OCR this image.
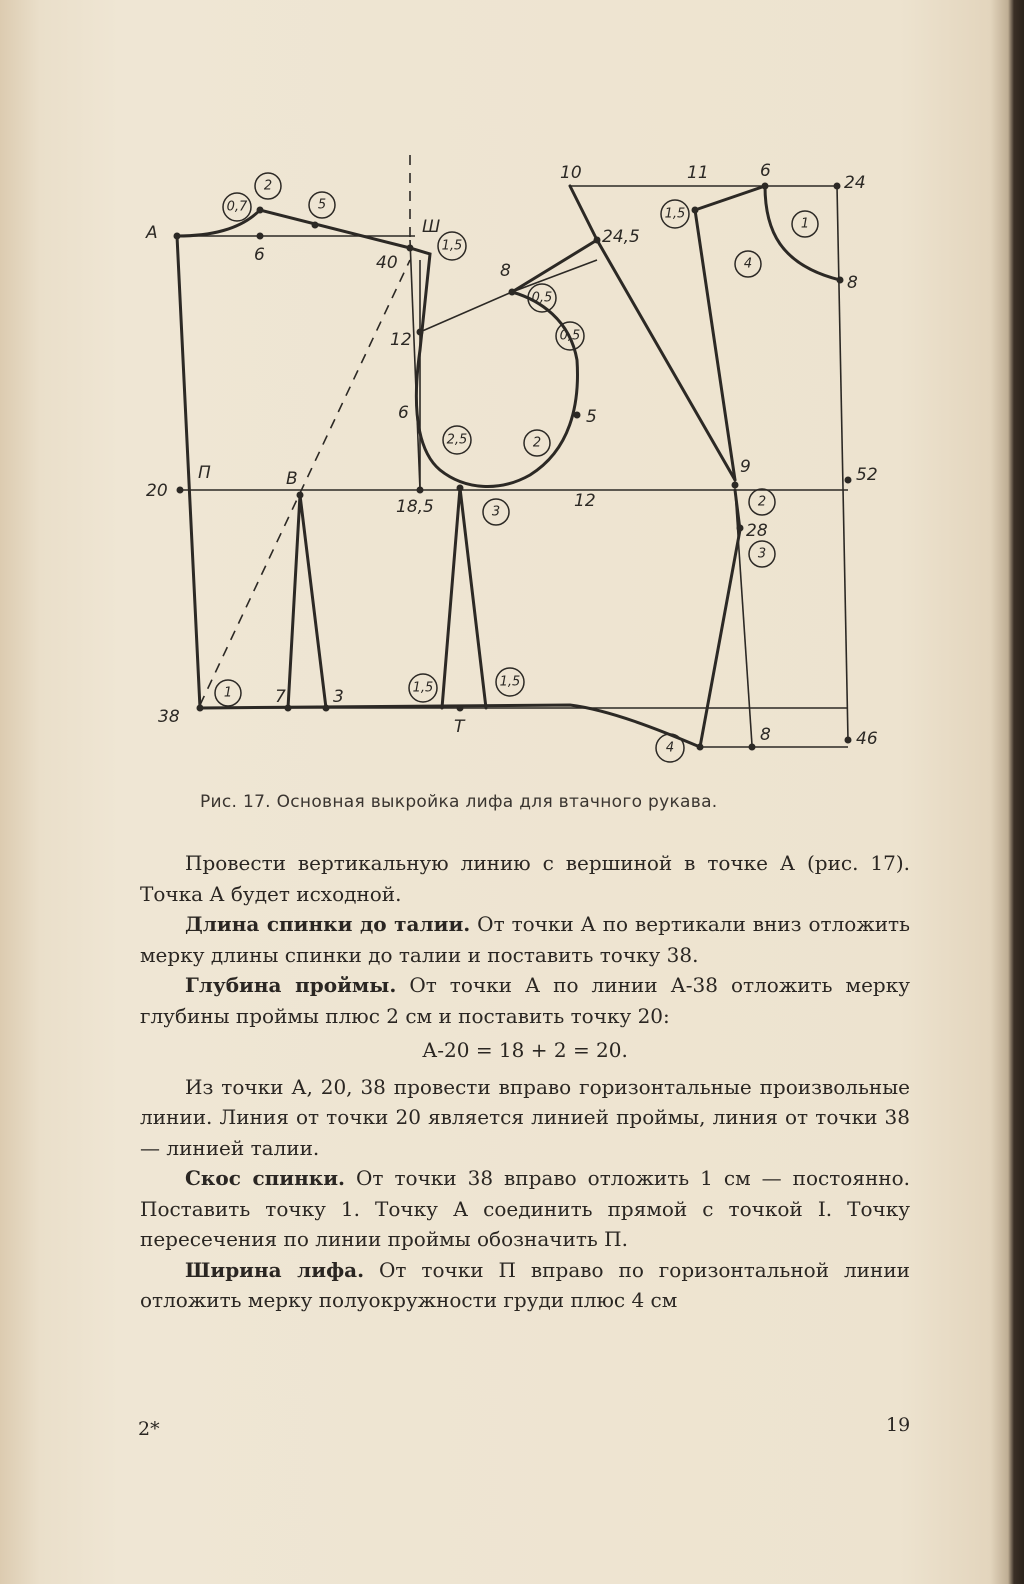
А
П	В
Т
Ш
6	40
12
6
20
38
7	3
8
18,5	12
5
10	11	6
24
24,5
8
9	52
28
8	46
2
0,7	5
1,5
0,5
0,5
2,5	2
3
1	1,5	1,5
1,5
1
4
2
3
4
Рис. 17. Основная выкройка лифа для втачного рукава.

Провести вертикальную линию с вершиной в точке А (рис. 17). Точка А будет исходной.

Длина спинки до талии. От точки А по вертикали вниз отложить мерку длины спинки до талии и поставить точку 38.

Глубина проймы. От точки А по линии А-38 отложить мерку глубины проймы плюс 2 см и поставить точку 20:

А-20 = 18 + 2 = 20.

Из точки А, 20, 38 провести вправо горизонтальные произвольные линии. Линия от точки 20 является линией проймы, линия от точки 38 — линией талии.

Скос спинки. От точки 38 вправо отложить 1 см — постоянно. Поставить точку 1. Точку А соединить прямой с точкой I. Точку пересечения по линии проймы обозначить П.

Ширина лифа. От точки П вправо по горизонтальной линии отложить мерку полуокружности груди плюс 4 см

2*	19
